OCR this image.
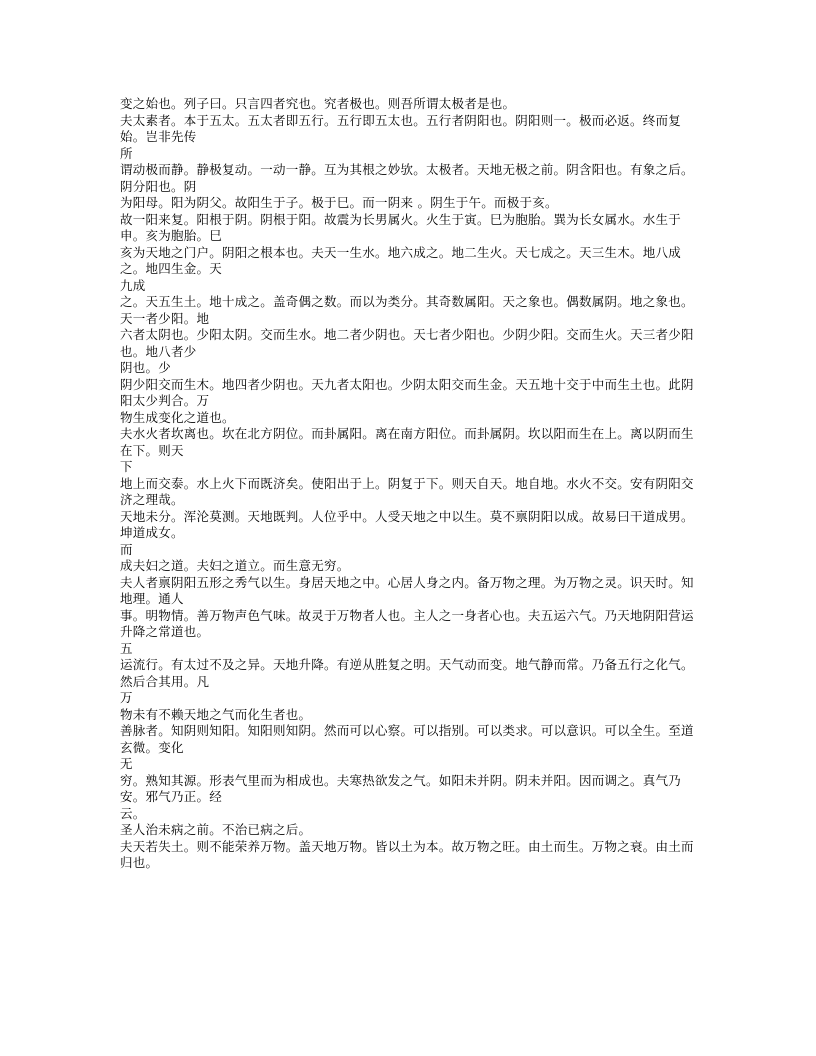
变之始也。列子曰。只言四者究也。究者极也。则吾所谓太极者是也。

夫太素者。本于五太。五太者即五行。五行即五太也。五行者阴阳也。阴阳则一。极而必返。终而复始。岂非先传

所

谓动极而静。静极复动。一动一静。互为其根之妙欤。太极者。天地无极之前。阴含阳也。有象之后。阴分阳也。阴

为阳母。阳为阴父。故阳生于子。极于巳。而一阴来 。阴生于午。而极于亥。

故一阳来复。阳根于阴。阴根于阳。故震为长男属火。火生于寅。巳为胞胎。巽为长女属水。水生于申。亥为胞胎。巳

亥为天地之门户。阴阳之根本也。夫天一生水。地六成之。地二生火。天七成之。天三生木。地八成之。地四生金。天

九成

之。天五生土。地十成之。盖奇偶之数。而以为类分。其奇数属阳。天之象也。偶数属阴。地之象也。天一者少阳。地

六者太阴也。少阳太阴。交而生水。地二者少阴也。天七者少阳也。少阴少阳。交而生火。天三者少阳也。地八者少

阴也。少

阴少阳交而生木。地四者少阴也。天九者太阳也。少阴太阳交而生金。天五地十交于中而生土也。此阴阳太少判合。万

物生成变化之道也。

夫水火者坎离也。坎在北方阴位。而卦属阳。离在南方阳位。而卦属阴。坎以阳而生在上。离以阴而生在下。则天

下

地上而交泰。水上火下而既济矣。使阳出于上。阴复于下。则天自天。地自地。水火不交。安有阴阳交济之理哉。

天地未分。浑沦莫测。天地既判。人位乎中。人受天地之中以生。莫不禀阴阳以成。故易曰干道成男。坤道成女。

而

成夫妇之道。夫妇之道立。而生意无穷。

夫人者禀阴阳五形之秀气以生。身居天地之中。心居人身之内。备万物之理。为万物之灵。识天时。知地理。通人

事。明物情。善万物声色气味。故灵于万物者人也。主人之一身者心也。夫五运六气。乃天地阴阳营运升降之常道也。

五

运流行。有太过不及之异。天地升降。有逆从胜复之明。天气动而变。地气静而常。乃备五行之化气。然后合其用。凡

万

物未有不赖天地之气而化生者也。

善脉者。知阴则知阳。知阳则知阴。然而可以心察。可以指别。可以类求。可以意识。可以全生。至道玄微。变化

无

穷。熟知其源。形表气里而为相成也。夫寒热欲发之气。如阳未并阴。阴未并阳。因而调之。真气乃安。邪气乃正。经

云。

圣人治未病之前。不治已病之后。

夫天若失土。则不能荣养万物。盖天地万物。皆以土为本。故万物之旺。由土而生。万物之衰。由土而归也。
